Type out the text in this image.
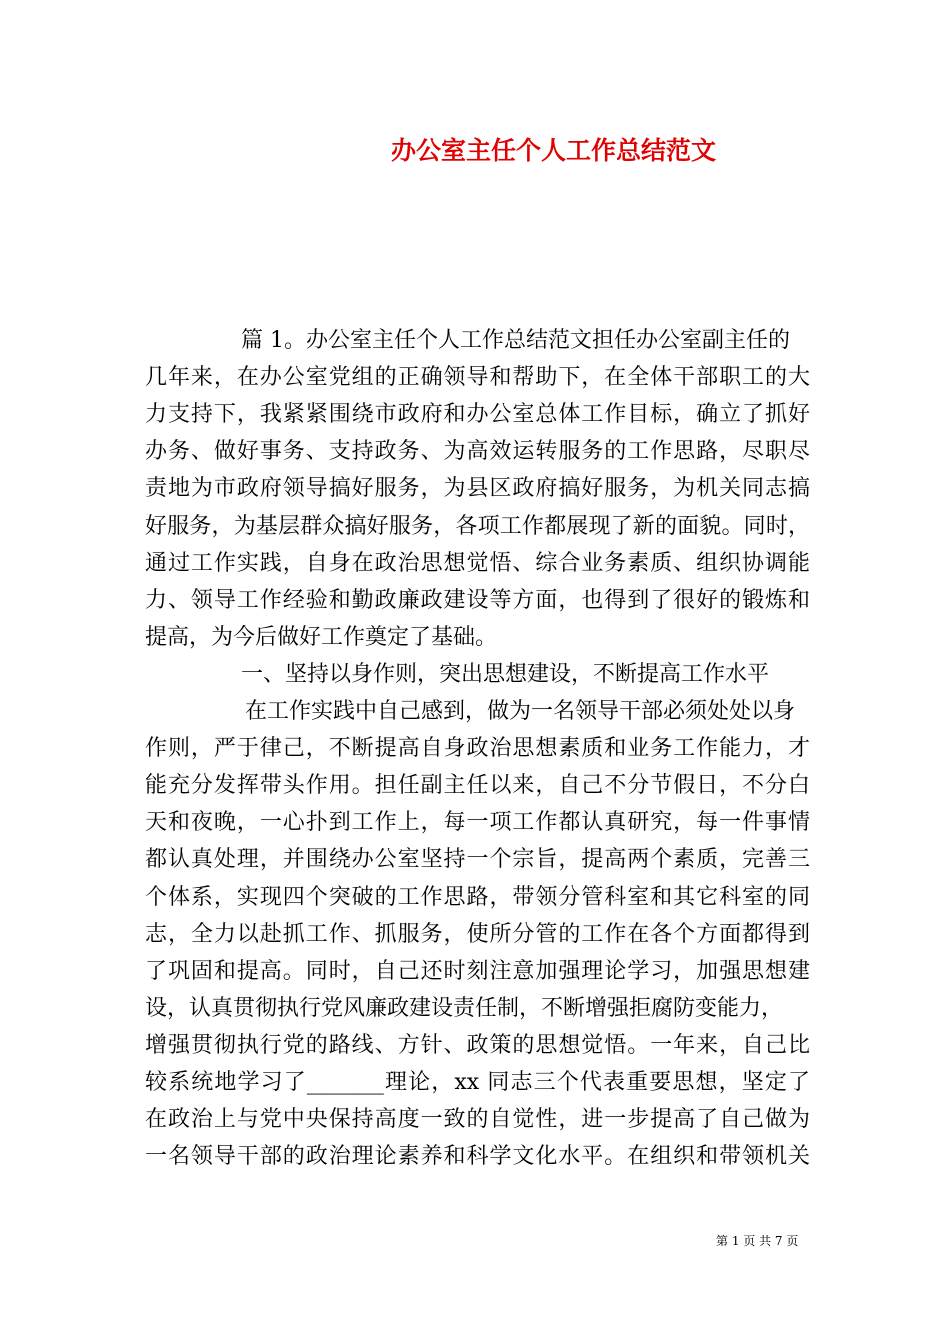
办公室主任个人工作总结范文
篇 1。办公室主任个人工作总结范文担任办公室副主任的
几年来，在办公室党组的正确领导和帮助下，在全体干部职工的大
力支持下，我紧紧围绕市政府和办公室总体工作目标，确立了抓好
办务、做好事务、支持政务、为高效运转服务的工作思路，尽职尽
责地为市政府领导搞好服务，为县区政府搞好服务，为机关同志搞
好服务，为基层群众搞好服务，各项工作都展现了新的面貌。同时，
通过工作实践，自身在政治思想觉悟、综合业务素质、组织协调能
力、领导工作经验和勤政廉政建设等方面，也得到了很好的锻炼和
提高，为今后做好工作奠定了基础。
一、坚持以身作则，突出思想建设，不断提高工作水平
在工作实践中自己感到，做为一名领导干部必须处处以身
作则，严于律己，不断提高自身政治思想素质和业务工作能力，才
能充分发挥带头作用。担任副主任以来，自己不分节假日，不分白
天和夜晚，一心扑到工作上，每一项工作都认真研究，每一件事情
都认真处理，并围绕办公室坚持一个宗旨，提高两个素质，完善三
个体系，实现四个突破的工作思路，带领分管科室和其它科室的同
志，全力以赴抓工作、抓服务，使所分管的工作在各个方面都得到
了巩固和提高。同时，自己还时刻注意加强理论学习，加强思想建
设，认真贯彻执行党风廉政建设责任制，不断增强拒腐防变能力，
增强贯彻执行党的路线、方针、政策的思想觉悟。一年来，自己比
较系统地学习了_______理论，xx 同志三个代表重要思想，坚定了
在政治上与党中央保持高度一致的自觉性，进一步提高了自己做为
一名领导干部的政治理论素养和科学文化水平。在组织和带领机关
第 1 页 共 7 页
